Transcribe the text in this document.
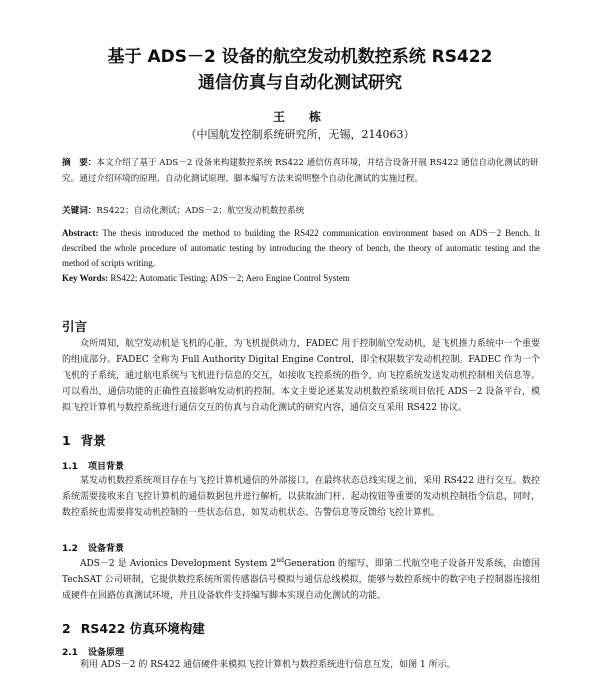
基于 ADS－2 设备的航空发动机数控系统 RS422
通信仿真与自动化测试研究
王　栋
（中国航发控制系统研究所，无锡，214063）
摘　要：本文介绍了基于 ADS－2 设备来构建数控系统 RS422 通信仿真环境，并结合设备开展 RS422 通信自动化测试的研究。通过介绍环境的原理、自动化测试原理、脚本编写方法来说明整个自动化测试的实施过程。
关键词：RS422；自动化测试；ADS－2；航空发动机数控系统
Abstract: The thesis introduced the method to building the RS422 communication environment based on ADS－2 Bench. It described the whole procedure of automatic testing by introducing the theory of bench, the theory of automatic testing and the method of scripts writing.
Key Words: RS422; Automatic Testing; ADS－2; Aero Engine Control System
引言
众所周知，航空发动机是飞机的心脏，为飞机提供动力，FADEC 用于控制航空发动机，是飞机推力系统中一个重要的组成部分。FADEC 全称为 Full Authority Digital Engine Control，即全权限数字发动机控制。FADEC 作为一个飞机的子系统，通过航电系统与飞机进行信息的交互，如接收飞控系统的指令，向飞控系统发送发动机控制相关信息等。可以看出，通信功能的正确性直接影响发动机的控制。本文主要论述某发动机数控系统项目依托 ADS－2 设备平台，模拟飞控计算机与数控系统进行通信交互的仿真与自动化测试的研究内容，通信交互采用 RS422 协议。
1 背景
1.1 项目背景
某发动机数控系统项目存在与飞控计算机通信的外部接口，在最终状态总线实现之前，采用 RS422 进行交互。数控系统需要接收来自飞控计算机的通信数据包并进行解析，以获取油门杆、起动按钮等重要的发动机控制指令信息，同时，数控系统也需要将发动机控制的一些状态信息，如发动机状态、告警信息等反馈给飞控计算机。
1.2 设备背景
ADS－2 是 Avionics Development System 2ndGeneration 的缩写，即第二代航空电子设备开发系统，由德国 TechSAT 公司研制，它提供数控系统所需传感器信号模拟与通信总线模拟，能够与数控系统中的数字电子控制器连接组成硬件在回路仿真测试环境，并且设备软件支持编写脚本实现自动化测试的功能。
2 RS422 仿真环境构建
2.1 设备原理
利用 ADS－2 的 RS422 通信硬件来模拟飞控计算机与数控系统进行信息互发，如图 1 所示。
